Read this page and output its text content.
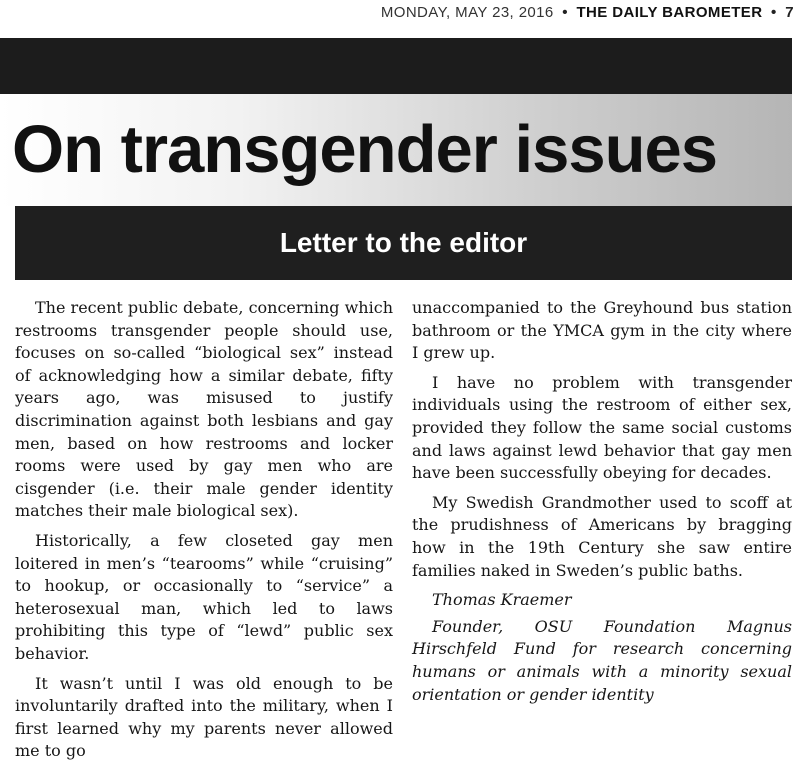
MONDAY, MAY 23, 2016 • THE DAILY BAROMETER • 7
On transgender issues
Letter to the editor

The recent public debate, concerning which restrooms transgender people should use, focuses on so-called “biological sex” instead of acknowledging how a similar debate, fifty years ago, was misused to justify discrimination against both lesbians and gay men, based on how restrooms and locker rooms were used by gay men who are cisgender (i.e. their male gender identity matches their male biological sex).

Historically, a few closeted gay men loitered in men’s “tearooms” while “cruising” to hookup, or occasionally to “service” a heterosexual man, which led to laws prohibiting this type of “lewd” public sex behavior.

It wasn’t until I was old enough to be involuntarily drafted into the military, when I first learned why my parents never allowed me to go

unaccompanied to the Greyhound bus station bathroom or the YMCA gym in the city where I grew up.

I have no problem with transgender individuals using the restroom of either sex, provided they follow the same social customs and laws against lewd behavior that gay men have been successfully obeying for decades.

My Swedish Grandmother used to scoff at the prudishness of Americans by bragging how in the 19th Century she saw entire families naked in Sweden’s public baths.

Thomas Kraemer

Founder, OSU Foundation Magnus Hirschfeld Fund for research concerning humans or animals with a minority sexual orientation or gender identity
